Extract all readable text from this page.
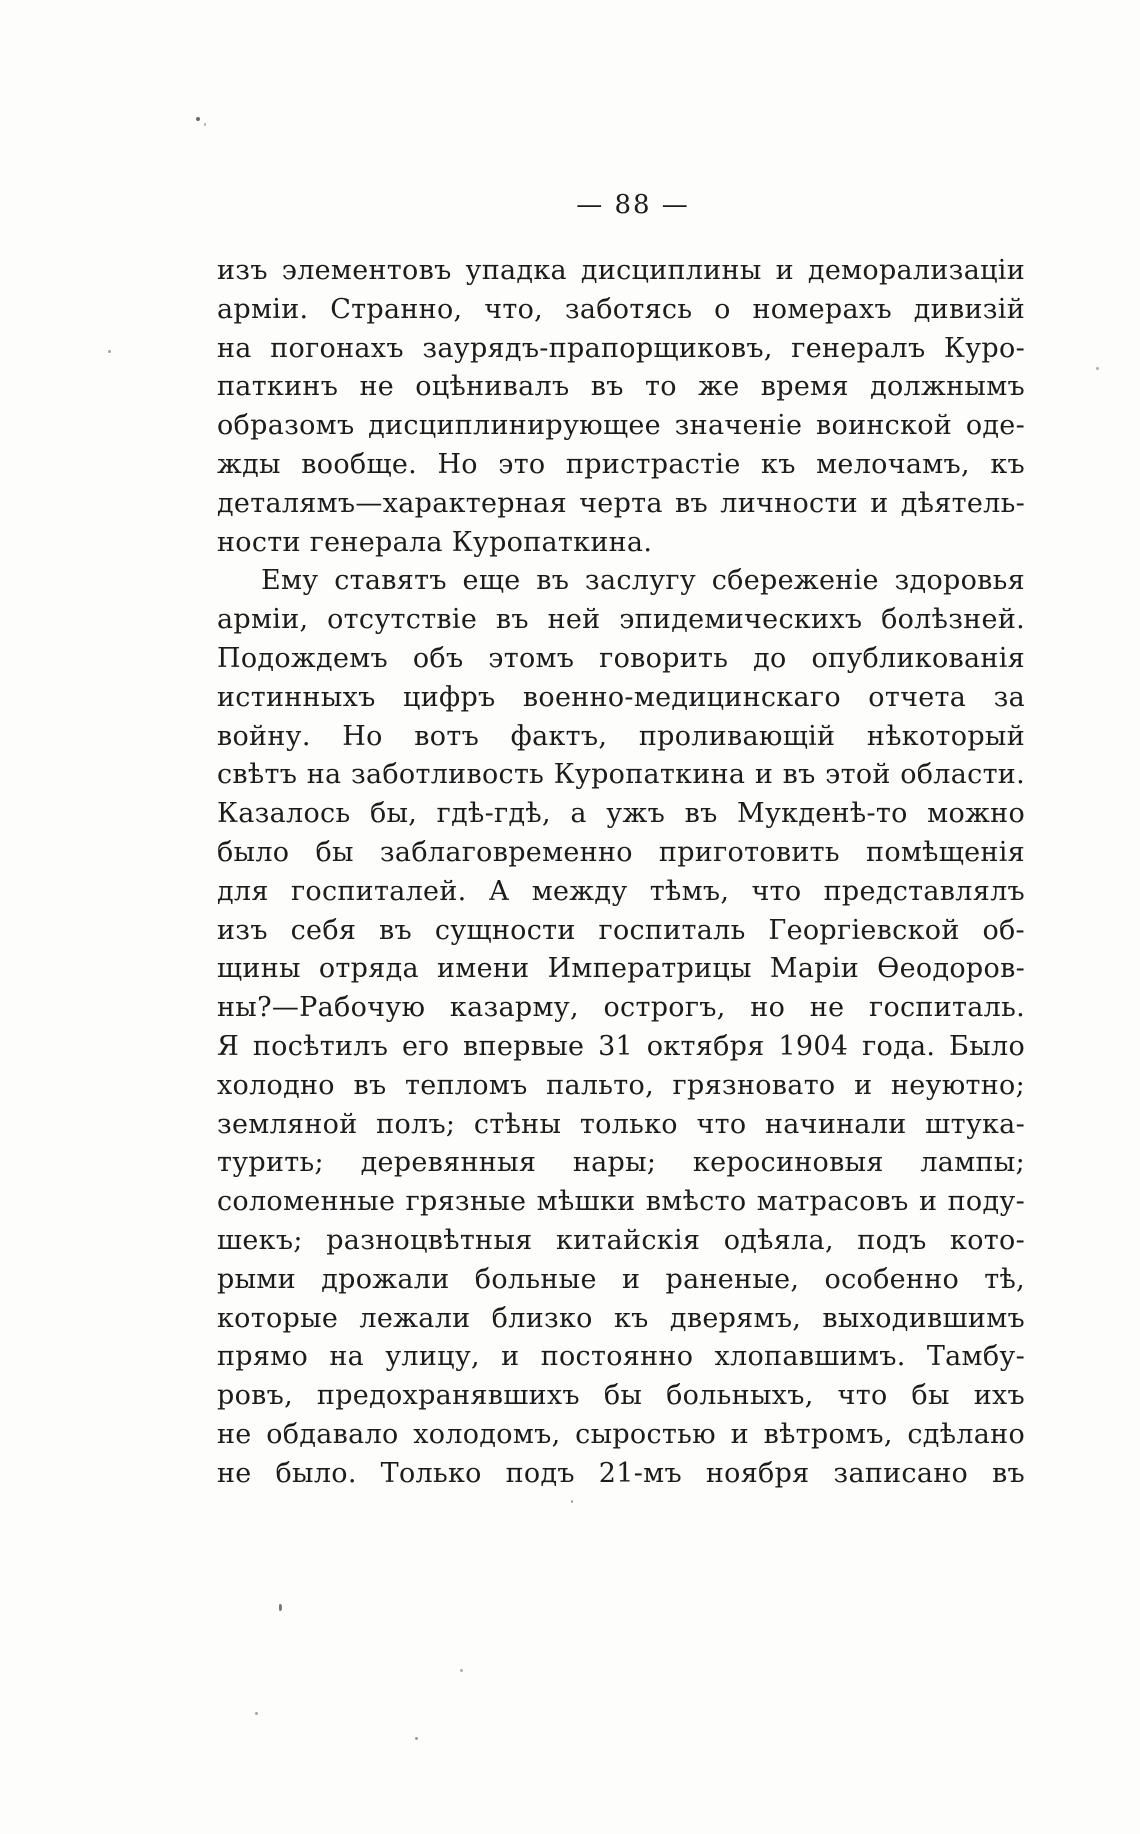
— 88 —
изъ элементовъ упадка дисциплины и деморализаціи
арміи. Странно, что, заботясь о номерахъ дивизій
на погонахъ заурядъ-прапорщиковъ, генералъ Куро-
паткинъ не оцѣнивалъ въ то же время должнымъ
образомъ дисциплинирующее значеніе воинской оде-
жды вообще. Но это пристрастіе къ мелочамъ, къ
деталямъ—характерная черта въ личности и дѣятель-
ности генерала Куропаткина.
Ему ставятъ еще въ заслугу сбереженіе здоровья
арміи, отсутствіе въ ней эпидемическихъ болѣзней.
Подождемъ объ этомъ говорить до опубликованія
истинныхъ цифръ военно-медицинскаго отчета за
войну. Но вотъ фактъ, проливающій нѣкоторый
свѣтъ на заботливость Куропаткина и въ этой области.
Казалось бы, гдѣ-гдѣ, а ужъ въ Мукденѣ-то можно
было бы заблаговременно приготовить помѣщенія
для госпиталей. А между тѣмъ, что представлялъ
изъ себя въ сущности госпиталь Георгіевской об-
щины отряда имени Императрицы Маріи Ѳеодоров-
ны?—Рабочую казарму, острогъ, но не госпиталь.
Я посѣтилъ его впервые 31 октября 1904 года. Было
холодно въ тепломъ пальто, грязновато и неуютно;
земляной полъ; стѣны только что начинали штука-
турить; деревянныя нары; керосиновыя лампы;
соломенные грязные мѣшки вмѣсто матрасовъ и поду-
шекъ; разноцвѣтныя китайскія одѣяла, подъ кото-
рыми дрожали больные и раненые, особенно тѣ,
которые лежали близко къ дверямъ, выходившимъ
прямо на улицу, и постоянно хлопавшимъ. Тамбу-
ровъ, предохранявшихъ бы больныхъ, что бы ихъ
не обдавало холодомъ, сыростью и вѣтромъ, сдѣлано
не было. Только подъ 21-мъ ноября записано въ
